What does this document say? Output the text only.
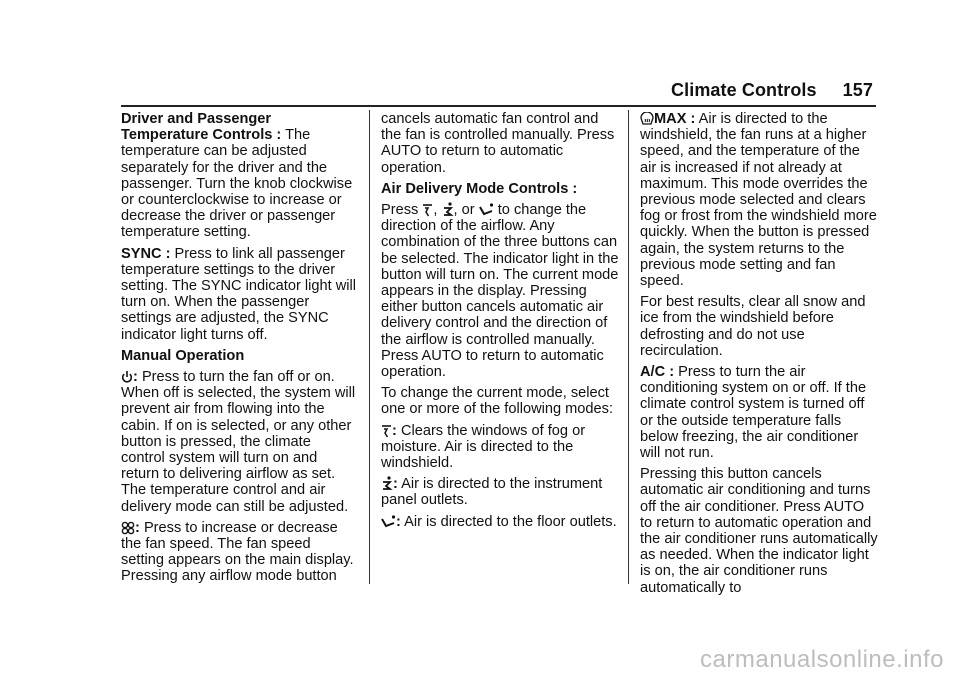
Climate Controls 157

Driver and Passenger Temperature Controls : The temperature can be adjusted separately for the driver and the passenger. Turn the knob clockwise or counterclockwise to increase or decrease the driver or passenger temperature setting.

SYNC : Press to link all passenger temperature settings to the driver setting. The SYNC indicator light will turn on. When the passenger settings are adjusted, the SYNC indicator light turns off.

Manual Operation

: Press to turn the fan off or on. When off is selected, the system will prevent air from flowing into the cabin. If on is selected, or any other button is pressed, the climate control system will turn on and return to delivering airflow as set. The temperature control and air delivery mode can still be adjusted.

: Press to increase or decrease the fan speed. The fan speed setting appears on the main display. Pressing any airflow mode button

cancels automatic fan control and the fan is controlled manually. Press AUTO to return to automatic operation.

Air Delivery Mode Controls :

Press , , or to change the direction of the airflow. Any combination of the three buttons can be selected. The indicator light in the button will turn on. The current mode appears in the display. Pressing either button cancels automatic air delivery control and the direction of the airflow is controlled manually. Press AUTO to return to automatic operation.

To change the current mode, select one or more of the following modes:

: Clears the windows of fog or moisture. Air is directed to the windshield.

: Air is directed to the instrument panel outlets.

: Air is directed to the floor outlets.

MAX : Air is directed to the windshield, the fan runs at a higher speed, and the temperature of the air is increased if not already at maximum. This mode overrides the previous mode selected and clears fog or frost from the windshield more quickly. When the button is pressed again, the system returns to the previous mode setting and fan speed.

For best results, clear all snow and ice from the windshield before defrosting and do not use recirculation.

A/C : Press to turn the air conditioning system on or off. If the climate control system is turned off or the outside temperature falls below freezing, the air conditioner will not run.

Pressing this button cancels automatic air conditioning and turns off the air conditioner. Press AUTO to return to automatic operation and the air conditioner runs automatically as needed. When the indicator light is on, the air conditioner runs automatically to

carmanualsonline.info
